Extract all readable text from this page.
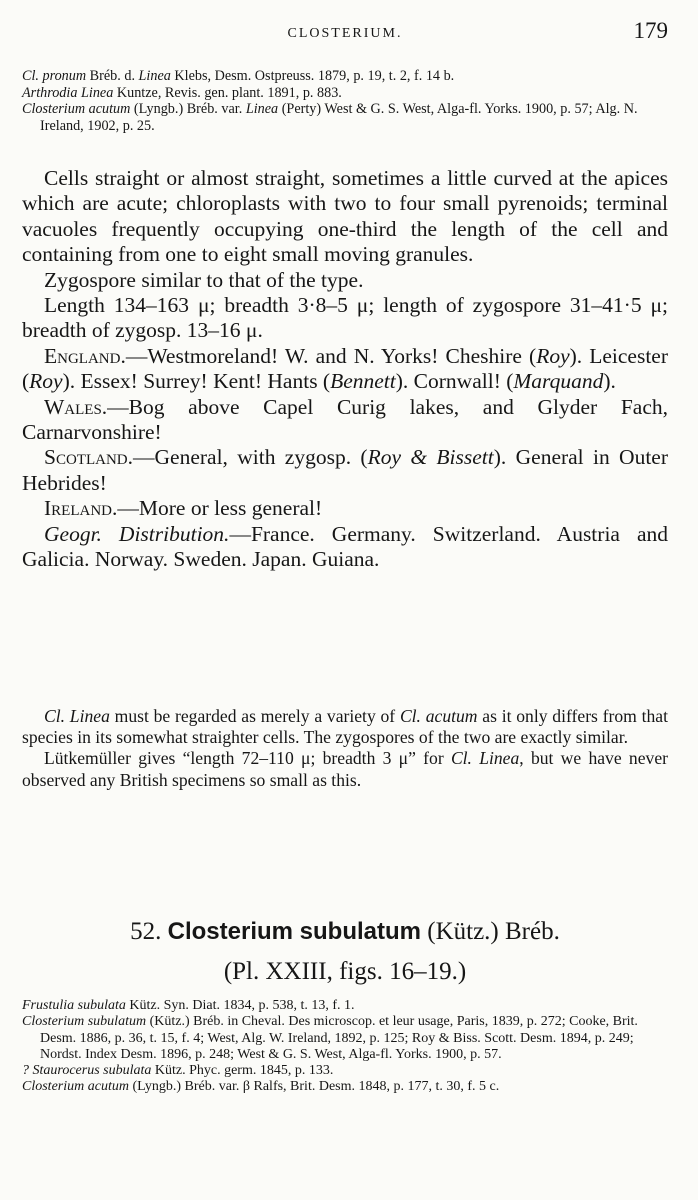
CLOSTERIUM.	179

Cl. pronum Bréb. d. Linea Klebs, Desm. Ostpreuss. 1879, p. 19, t. 2, f. 14 b.

Arthrodia Linea Kuntze, Revis. gen. plant. 1891, p. 883.

Closterium acutum (Lyngb.) Bréb. var. Linea (Perty) West & G. S. West, Alga-fl. Yorks. 1900, p. 57; Alg. N. Ireland, 1902, p. 25.

Cells straight or almost straight, sometimes a little curved at the apices which are acute; chloroplasts with two to four small pyrenoids; terminal vacuoles frequently occupying one-third the length of the cell and containing from one to eight small moving granules.

Zygospore similar to that of the type.

Length 134–163 μ; breadth 3·8–5 μ; length of zygospore 31–41·5 μ; breadth of zygosp. 13–16 μ.

England.—Westmoreland! W. and N. Yorks! Cheshire (Roy). Leicester (Roy). Essex! Surrey! Kent! Hants (Bennett). Cornwall! (Marquand).

Wales.—Bog above Capel Curig lakes, and Glyder Fach, Carnarvonshire!

Scotland.—General, with zygosp. (Roy & Bissett). General in Outer Hebrides!

Ireland.—More or less general!

Geogr. Distribution.—France. Germany. Switzerland. Austria and Galicia. Norway. Sweden. Japan. Guiana.

Cl. Linea must be regarded as merely a variety of Cl. acutum as it only differs from that species in its somewhat straighter cells. The zygospores of the two are exactly similar.

Lütkemüller gives “length 72–110 μ; breadth 3 μ” for Cl. Linea, but we have never observed any British specimens so small as this.

52. Closterium subulatum (Kütz.) Bréb.
(Pl. XXIII, figs. 16–19.)

Frustulia subulata Kütz. Syn. Diat. 1834, p. 538, t. 13, f. 1.

Closterium subulatum (Kütz.) Bréb. in Cheval. Des microscop. et leur usage, Paris, 1839, p. 272; Cooke, Brit. Desm. 1886, p. 36, t. 15, f. 4; West, Alg. W. Ireland, 1892, p. 125; Roy & Biss. Scott. Desm. 1894, p. 249; Nordst. Index Desm. 1896, p. 248; West & G. S. West, Alga-fl. Yorks. 1900, p. 57.

? Staurocerus subulata Kütz. Phyc. germ. 1845, p. 133.

Closterium acutum (Lyngb.) Bréb. var. β Ralfs, Brit. Desm. 1848, p. 177, t. 30, f. 5 c.
